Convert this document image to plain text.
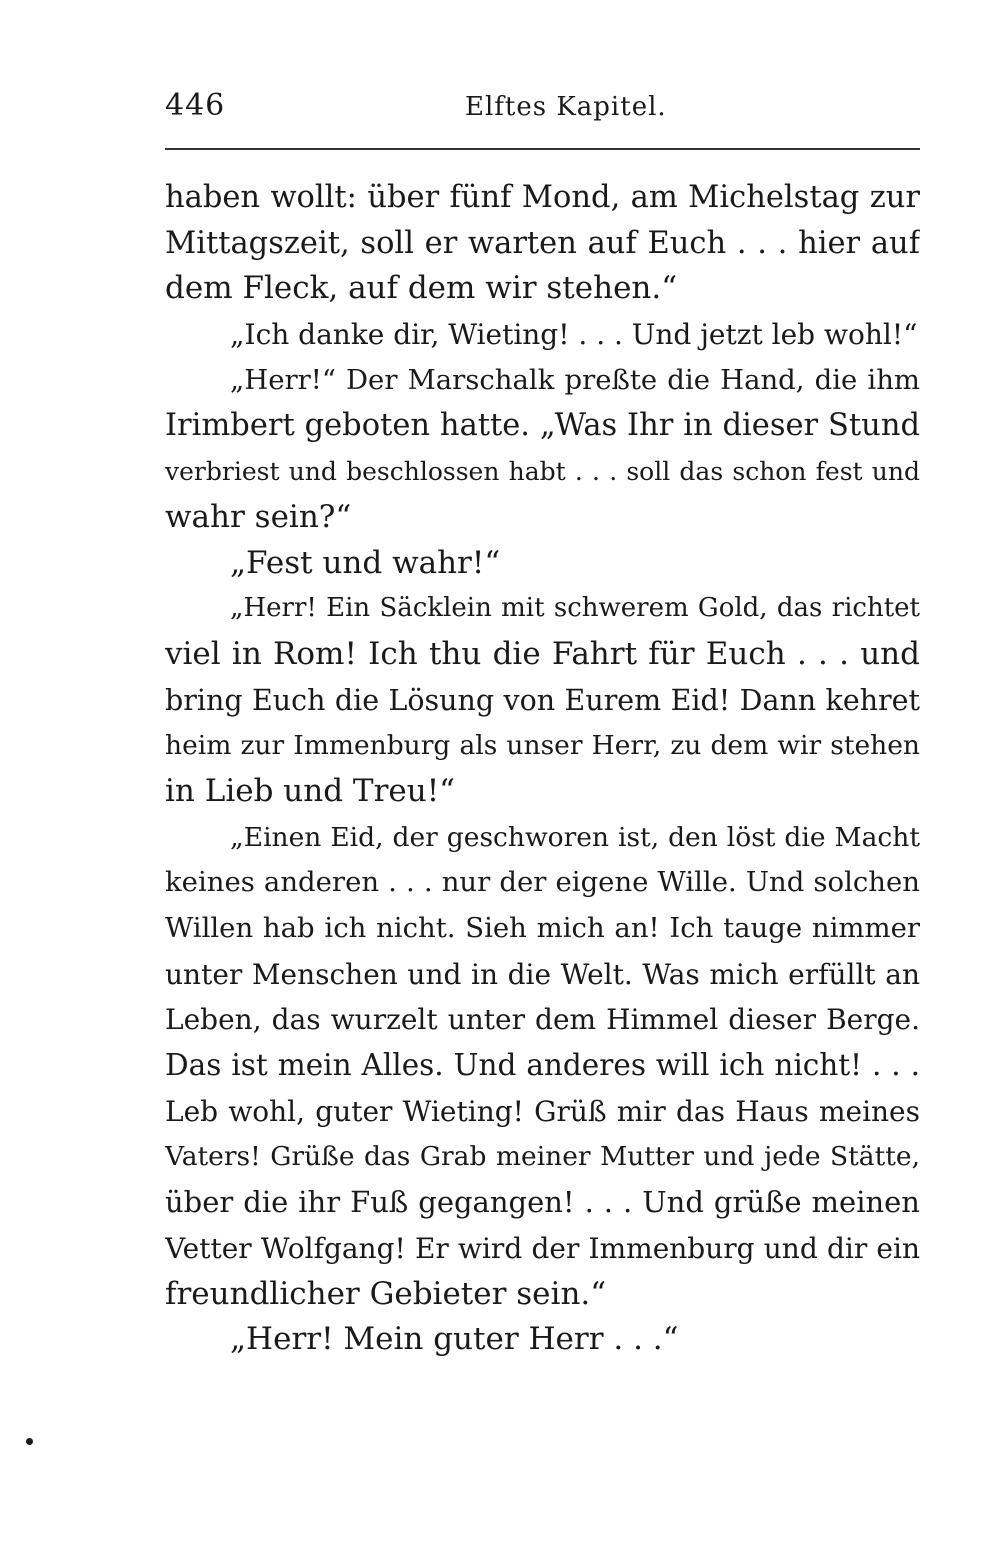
446	Elftes Kapitel.
haben wollt: über fünf Mond, am Michelstag zur
Mittagszeit, soll er warten auf Euch . . . hier auf
dem Fleck, auf dem wir stehen.“
„Ich danke dir, Wieting! . . . Und jetzt leb wohl!“
„Herr!“ Der Marschalk preßte die Hand, die ihm
Irimbert geboten hatte. „Was Ihr in dieser Stund
verbriest und beschlossen habt . . . soll das schon fest und
wahr sein?“
„Fest und wahr!“
„Herr! Ein Säcklein mit schwerem Gold, das richtet
viel in Rom! Ich thu die Fahrt für Euch . . . und
bring Euch die Lösung von Eurem Eid! Dann kehret
heim zur Immenburg als unser Herr, zu dem wir stehen
in Lieb und Treu!“
„Einen Eid, der geschworen ist, den löst die Macht
keines anderen . . . nur der eigene Wille. Und solchen
Willen hab ich nicht. Sieh mich an! Ich tauge nimmer
unter Menschen und in die Welt. Was mich erfüllt an
Leben, das wurzelt unter dem Himmel dieser Berge.
Das ist mein Alles. Und anderes will ich nicht! . . .
Leb wohl, guter Wieting! Grüß mir das Haus meines
Vaters! Grüße das Grab meiner Mutter und jede Stätte,
über die ihr Fuß gegangen! . . . Und grüße meinen
Vetter Wolfgang! Er wird der Immenburg und dir ein
freundlicher Gebieter sein.“
„Herr! Mein guter Herr . . .“
